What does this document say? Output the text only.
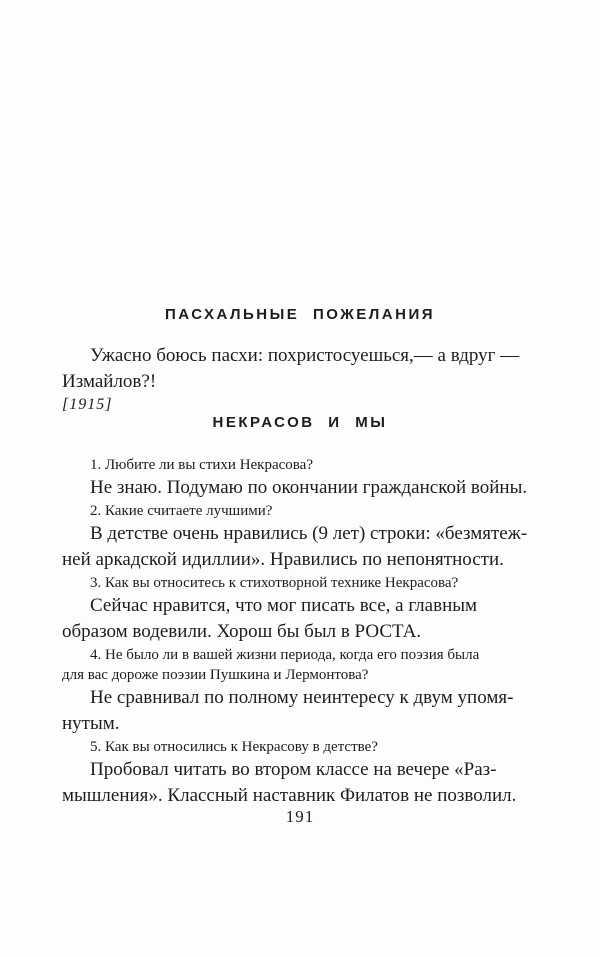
ПАСХАЛЬНЫЕ ПОЖЕЛАНИЯ

Ужасно боюсь пасхи: похристосуешься,— а вдруг —

Измайлов?!

[1915]

НЕКРАСОВ И МЫ

1. Любите ли вы стихи Некрасова?

Не знаю. Подумаю по окончании гражданской войны.

2. Какие считаете лучшими?

В детстве очень нравились (9 лет) строки: «безмятеж-

ней аркадской идиллии». Нравились по непонятности.

3. Как вы относитесь к стихотворной технике Некрасова?

Сейчас нравится, что мог писать все, а главным

образом водевили. Хорош бы был в РОСТА.

4. Не было ли в вашей жизни периода, когда его поэзия была

для вас дороже поэзии Пушкина и Лермонтова?

Не сравнивал по полному неинтересу к двум упомя-

нутым.

5. Как вы относились к Некрасову в детстве?

Пробовал читать во втором классе на вечере «Раз-

мышления». Классный наставник Филатов не позволил.

191
